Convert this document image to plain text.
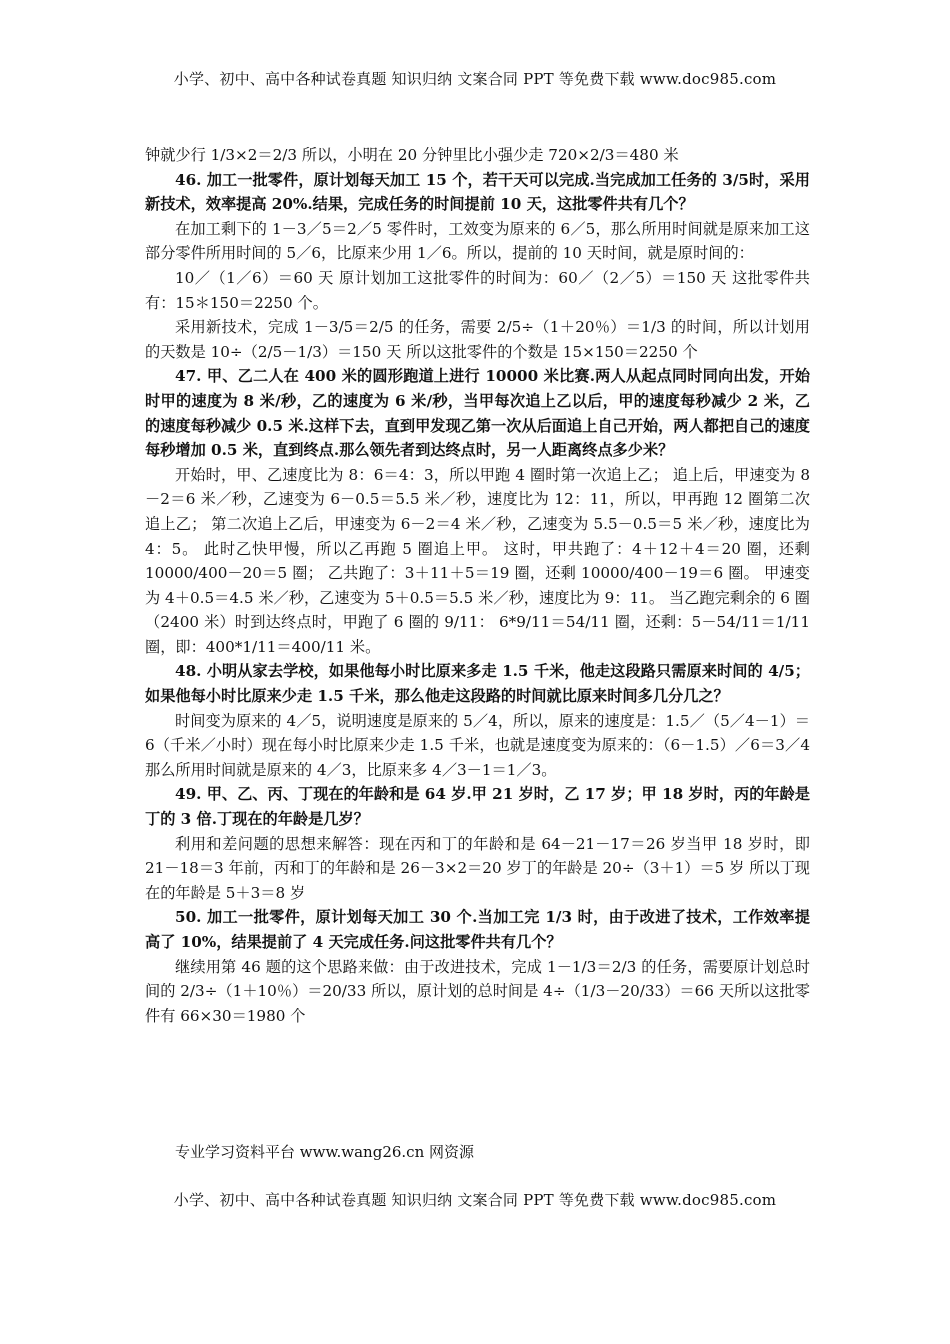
小学、初中、高中各种试卷真题 知识归纳 文案合同 PPT 等免费下载 www.doc985.com

钟就少行 1/3×2＝2/3 所以，小明在 20 分钟里比小强少走 720×2/3＝480 米

46. 加工一批零件，原计划每天加工 15 个，若干天可以完成.当完成加工任务的 3/5时，采用新技术，效率提高 20%.结果，完成任务的时间提前 10 天，这批零件共有几个？

在加工剩下的 1－3／5＝2／5 零件时，工效变为原来的 6／5，那么所用时间就是原来加工这部分零件所用时间的 5／6，比原来少用 1／6。所以，提前的 10 天时间，就是原时间的：

10／（1／6）＝60 天 原计划加工这批零件的时间为：60／（2／5）＝150 天 这批零件共有：15＊150＝2250 个。

采用新技术，完成 1－3/5＝2/5 的任务，需要 2/5÷（1＋20％）＝1/3 的时间，所以计划用的天数是 10÷（2/5－1/3）＝150 天 所以这批零件的个数是 15×150＝2250 个

47. 甲、乙二人在 400 米的圆形跑道上进行 10000 米比赛.两人从起点同时同向出发，开始时甲的速度为 8 米/秒，乙的速度为 6 米/秒，当甲每次追上乙以后，甲的速度每秒减少 2 米，乙的速度每秒减少 0.5 米.这样下去，直到甲发现乙第一次从后面追上自己开始，两人都把自己的速度每秒增加 0.5 米，直到终点.那么领先者到达终点时，另一人距离终点多少米？

开始时，甲、乙速度比为 8：6＝4：3，所以甲跑 4 圈时第一次追上乙； 追上后，甲速变为 8－2＝6 米／秒，乙速变为 6－0.5＝5.5 米／秒，速度比为 12：11，所以，甲再跑 12 圈第二次追上乙； 第二次追上乙后，甲速变为 6－2＝4 米／秒，乙速变为 5.5－0.5＝5 米／秒，速度比为 4：5。 此时乙快甲慢，所以乙再跑 5 圈追上甲。 这时，甲共跑了：4＋12＋4＝20 圈，还剩 10000/400－20＝5 圈； 乙共跑了：3＋11＋5＝19 圈，还剩 10000/400－19＝6 圈。 甲速变为 4＋0.5＝4.5 米／秒，乙速变为 5＋0.5＝5.5 米／秒，速度比为 9：11。 当乙跑完剩余的 6 圈（2400 米）时到达终点时，甲跑了 6 圈的 9/11： 6*9/11＝54/11 圈，还剩：5－54/11＝1/11 圈，即：400*1/11＝400/11 米。

48. 小明从家去学校，如果他每小时比原来多走 1.5 千米，他走这段路只需原来时间的 4/5；如果他每小时比原来少走 1.5 千米，那么他走这段路的时间就比原来时间多几分几之？

时间变为原来的 4／5，说明速度是原来的 5／4，所以，原来的速度是：1.5／（5／4－1）＝6（千米／小时）现在每小时比原来少走 1.5 千米，也就是速度变为原来的：（6－1.5）／6＝3／4 那么所用时间就是原来的 4／3，比原来多 4／3－1＝1／3。

49. 甲、乙、丙、丁现在的年龄和是 64 岁.甲 21 岁时，乙 17 岁；甲 18 岁时，丙的年龄是丁的 3 倍.丁现在的年龄是几岁？

利用和差问题的思想来解答：现在丙和丁的年龄和是 64－21－17＝26 岁当甲 18 岁时，即 21－18＝3 年前，丙和丁的年龄和是 26－3×2＝20 岁丁的年龄是 20÷（3＋1）＝5 岁 所以丁现在的年龄是 5＋3＝8 岁

50. 加工一批零件，原计划每天加工 30 个.当加工完 1/3 时，由于改进了技术，工作效率提高了 10%，结果提前了 4 天完成任务.问这批零件共有几个？

继续用第 46 题的这个思路来做：由于改进技术，完成 1－1/3＝2/3 的任务，需要原计划总时间的 2/3÷（1＋10％）＝20/33 所以，原计划的总时间是 4÷（1/3－20/33）＝66 天所以这批零件有 66×30＝1980 个

专业学习资料平台 www.wang26.cn 网资源
小学、初中、高中各种试卷真题 知识归纳 文案合同 PPT 等免费下载 www.doc985.com
